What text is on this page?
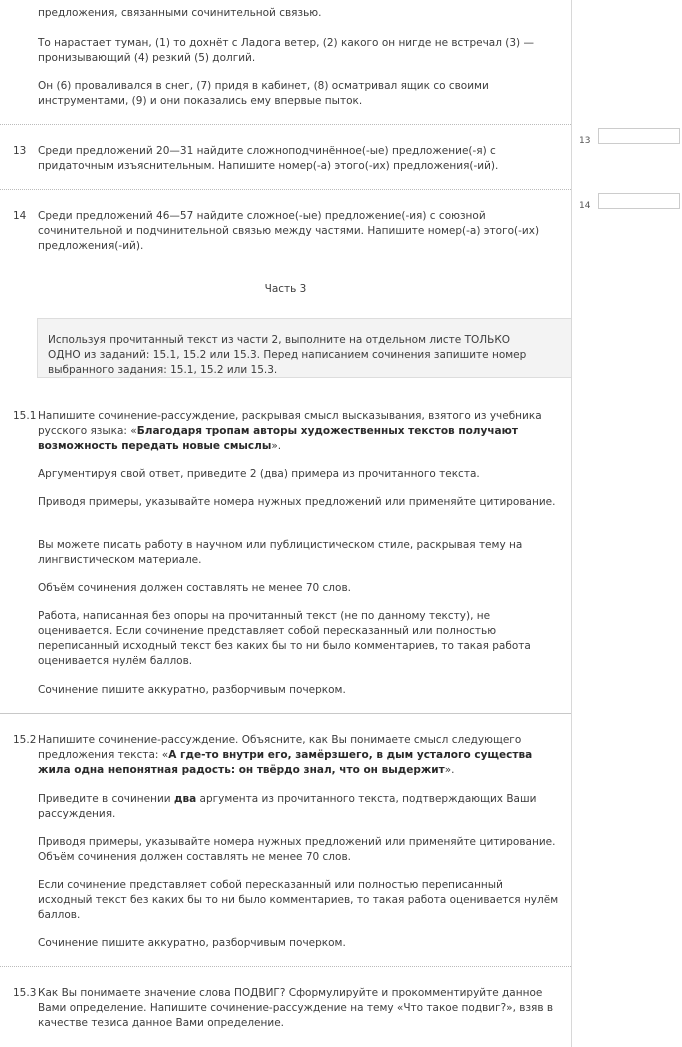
предложения, связанными сочинительной связью.

То нарастает туман, (1) то дохнёт с Ладога ветер, (2) какого он нигде не встречал (3) — пронизывающий (4) резкий (5) долгий.

Он (6) проваливался в снег, (7) придя в кабинет, (8) осматривал ящик со своими инструментами, (9) и они показались ему впервые пыток.

13 Среди предложений 20—31 найдите сложноподчинённое(-ые) предложение(-я) с придаточным изъяснительным. Напишите номер(-а) этого(-их) предложения(-ий).

14 Среди предложений 46—57 найдите сложное(-ые) предложение(-ия) с союзной сочинительной и подчинительной связью между частями. Напишите номер(-а) этого(-их) предложения(-ий).

Часть 3

Используя прочитанный текст из части 2, выполните на отдельном листе ТОЛЬКО ОДНО из заданий: 15.1, 15.2 или 15.3. Перед написанием сочинения запишите номер выбранного задания: 15.1, 15.2 или 15.3.

15.1 Напишите сочинение-рассуждение, раскрывая смысл высказывания, взятого из учебника русского языка: «Благодаря тропам авторы художественных текстов получают возможность передать новые смыслы».

Аргументируя свой ответ, приведите 2 (два) примера из прочитанного текста.

Приводя примеры, указывайте номера нужных предложений или применяйте цитирование.

Вы можете писать работу в научном или публицистическом стиле, раскрывая тему на лингвистическом материале.

Объём сочинения должен составлять не менее 70 слов.

Работа, написанная без опоры на прочитанный текст (не по данному тексту), не оценивается. Если сочинение представляет собой пересказанный или полностью переписанный исходный текст без каких бы то ни было комментариев, то такая работа оценивается нулём баллов.

Сочинение пишите аккуратно, разборчивым почерком.

15.2 Напишите сочинение-рассуждение. Объясните, как Вы понимаете смысл следующего предложения текста: «А где-то внутри его, замёрзшего, в дым усталого существа жила одна непонятная радость: он твёрдо знал, что он выдержит».

Приведите в сочинении два аргумента из прочитанного текста, подтверждающих Ваши рассуждения.

Приводя примеры, указывайте номера нужных предложений или применяйте цитирование. Объём сочинения должен составлять не менее 70 слов.

Если сочинение представляет собой пересказанный или полностью переписанный исходный текст без каких бы то ни было комментариев, то такая работа оценивается нулём баллов.

Сочинение пишите аккуратно, разборчивым почерком.

15.3 Как Вы понимаете значение слова ПОДВИГ? Сформулируйте и прокомментируйте данное Вами определение. Напишите сочинение-рассуждение на тему «Что такое подвиг?», взяв в качестве тезиса данное Вами определение.

13
14
